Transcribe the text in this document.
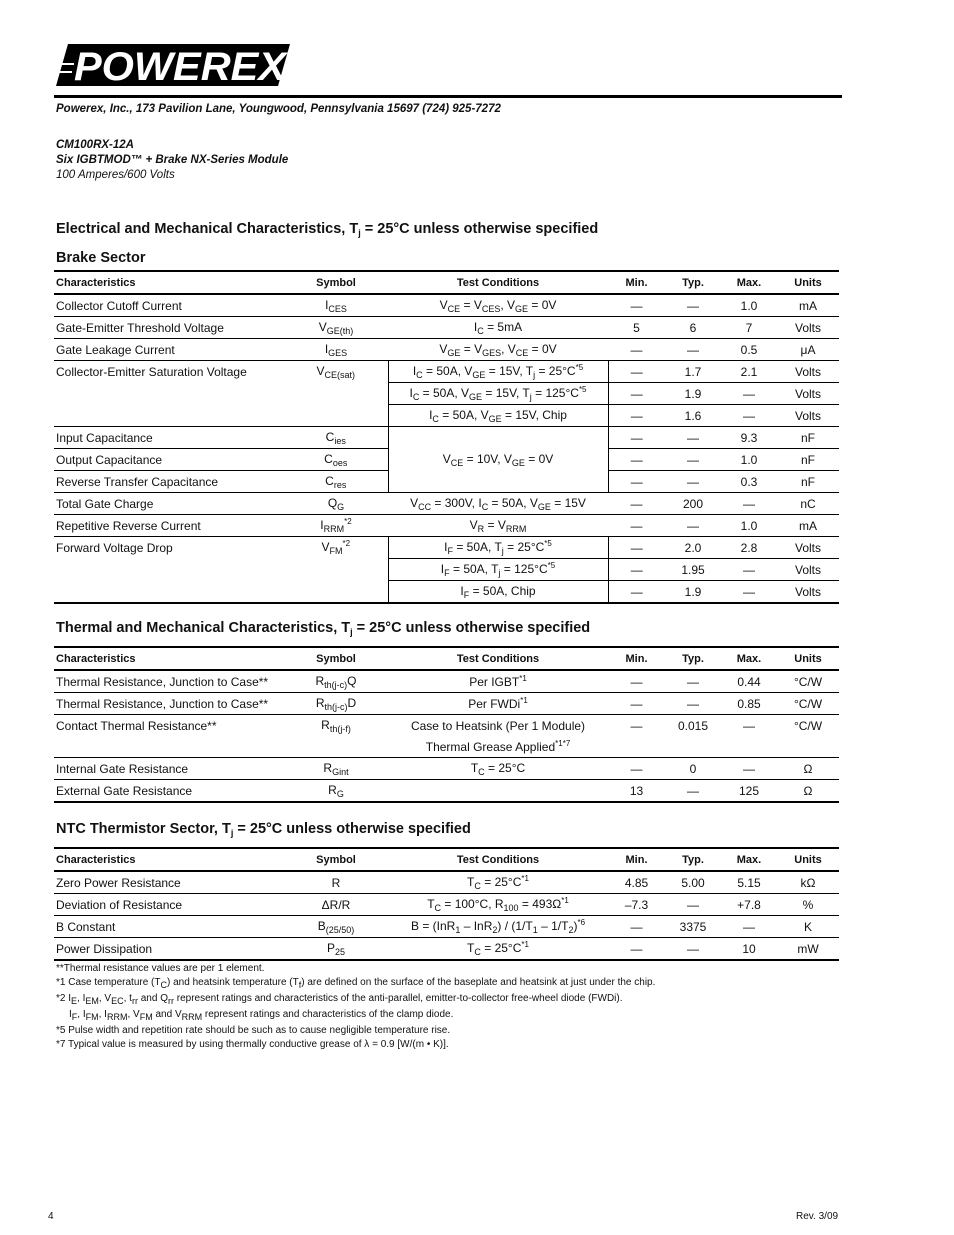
POWEREX
Powerex, Inc., 173 Pavilion Lane, Youngwood, Pennsylvania 15697 (724) 925-7272
CM100RX-12A
Six IGBTMOD™ + Brake NX-Series Module
100 Amperes/600 Volts
Electrical and Mechanical Characteristics, $T_j = 25^\circ C$ unless otherwise specified
Brake Sector
Characteristics	Symbol	Test Conditions	Min.	Typ.	Max.	Units
Collector Cutoff Current	$I_{CES}$	$V_{CE} = V_{CES}$, $V_{GE} = 0V$	—	—	1.0	mA
Gate-Emitter Threshold Voltage	$V_{GE(th)}$	$I_C = 5mA$	5	6	7	Volts
Gate Leakage Current	$I_{GES}$	$V_{GE} = V_{GES}$, $V_{CE} = 0V$	—	—	0.5	μA
Collector-Emitter Saturation Voltage	$V_{CE(sat)}$	$I_C = 50A$, $V_{GE} = 15V$, $T_j = 25^\circ C^{*5}$	—	1.7	2.1	Volts
		$I_C = 50A$, $V_{GE} = 15V$, $T_j = 125^\circ C^{*5}$	—	1.9	—	Volts
		$I_C = 50A$, $V_{GE} = 15V$, Chip	—	1.6	—	Volts
Input Capacitance	$C_{ies}$	$V_{CE} = 10V$, $V_{GE} = 0V$	—	—	9.3	nF
Output Capacitance	$C_{oes}$		—	—	1.0	nF
Reverse Transfer Capacitance	$C_{res}$		—	—	0.3	nF
Total Gate Charge	$Q_G$	$V_{CC} = 300V$, $I_C = 50A$, $V_{GE} = 15V$	—	200	—	nC
Repetitive Reverse Current	$I_{RRM}^{*2}$	$V_R = V_{RRM}$	—	—	1.0	mA
Forward Voltage Drop	$V_{FM}^{*2}$	$I_F = 50A$, $T_j = 25^\circ C^{*5}$	—	2.0	2.8	Volts
		$I_F = 50A$, $T_j = 125^\circ C^{*5}$	—	1.95	—	Volts
		$I_F = 50A$, Chip	—	1.9	—	Volts
Thermal and Mechanical Characteristics, $T_j = 25^\circ C$ unless otherwise specified
Characteristics	Symbol	Test Conditions	Min.	Typ.	Max.	Units
Thermal Resistance, Junction to Case**	$R_{th(j-c)}Q$	Per IGBT$^{*1}$	—	—	0.44	°C/W
Thermal Resistance, Junction to Case**	$R_{th(j-c)}D$	Per FWDi$^{*1}$	—	—	0.85	°C/W
Contact Thermal Resistance**	$R_{th(j-f)}$	Case to Heatsink (Per 1 Module)	—	0.015	—	°C/W
		Thermal Grease Applied$^{*1*7}$				
Internal Gate Resistance	$R_{Gint}$	$T_C = 25^\circ C$	—	0	—	Ω
External Gate Resistance	$R_G$		13	—	125	Ω
NTC Thermistor Sector, $T_j = 25^\circ C$ unless otherwise specified
Characteristics	Symbol	Test Conditions	Min.	Typ.	Max.	Units
Zero Power Resistance	R	$T_C = 25^\circ C^{*1}$	4.85	5.00	5.15	kΩ
Deviation of Resistance	ΔR/R	$T_C = 100^\circ C$, $R_{100} = 493\Omega^{*1}$	–7.3	—	+7.8	%
B Constant	$B_{(25/50)}$	$B = (InR_1 - InR_2) / (1/T_1 - 1/T_2)^{*6}$	—	3375	—	K
Power Dissipation	$P_{25}$	$T_C = 25^\circ C^{*1}$	—	—	10	mW
**Thermal resistance values are per 1 element.
*1 Case temperature $(T_C)$ and heatsink temperature $(T_f)$ are defined on the surface of the baseplate and heatsink at just under the chip.
*2 $I_E$, $I_{EM}$, $V_{EC}$, $t_{rr}$ and $Q_{rr}$ represent ratings and characteristics of the anti-parallel, emitter-to-collector free-wheel diode (FWDi).
$I_F$, $I_{FM}$, $I_{RRM}$, $V_{FM}$ and $V_{RRM}$ represent ratings and characteristics of the clamp diode.
*5 Pulse width and repetition rate should be such as to cause negligible temperature rise.
*7 Typical value is measured by using thermally conductive grease of λ = 0.9 [W/(m • K)].
4	Rev. 3/09
